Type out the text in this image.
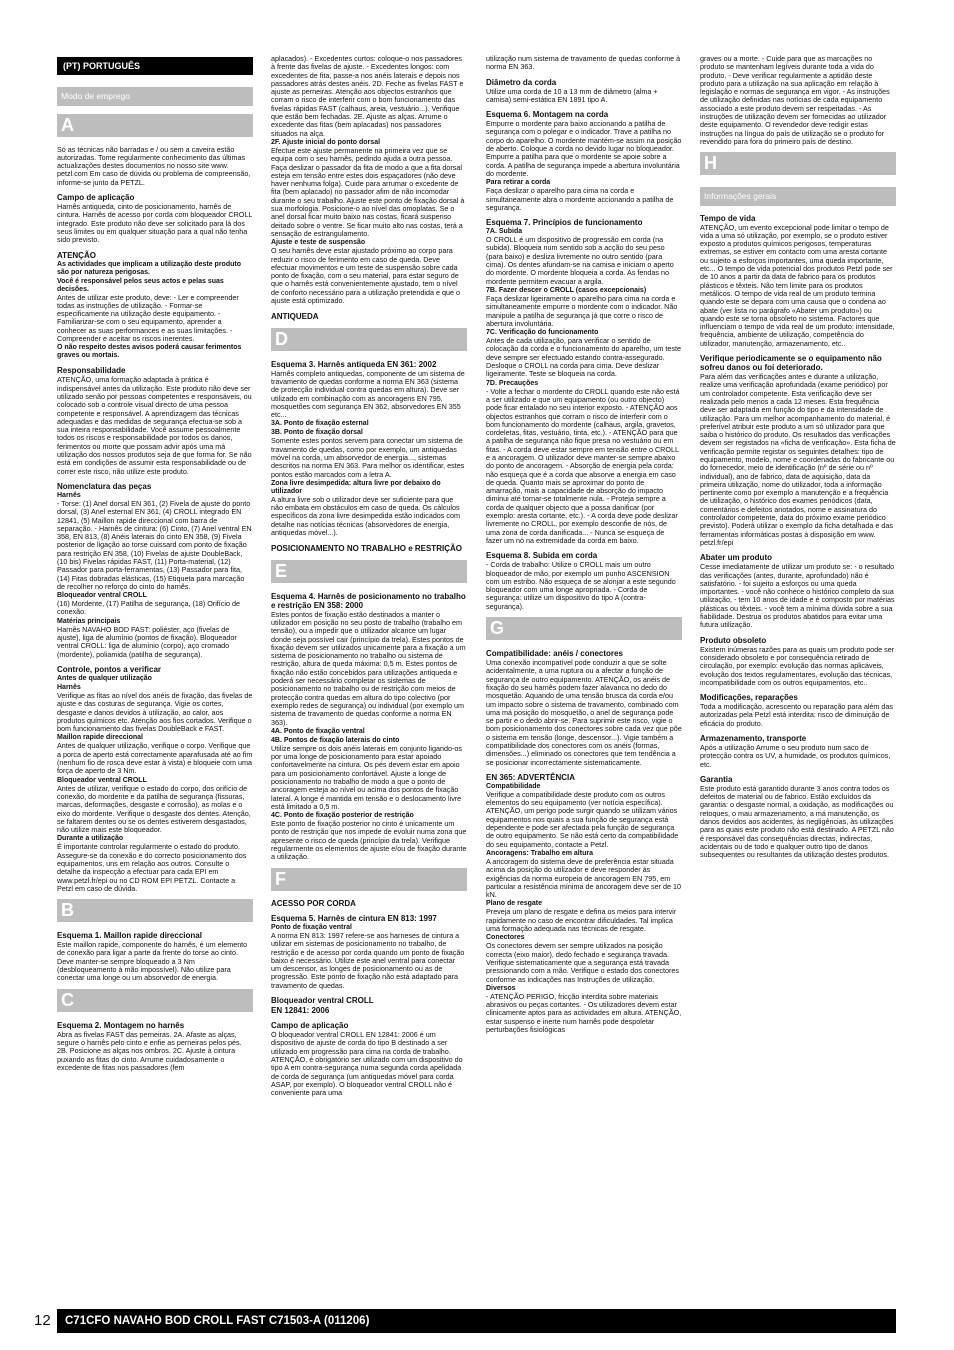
(PT) PORTUGUÊS
Modo de emprego
A

Só as técnicas não barradas e / ou sem a caveira estão autorizadas. Tome regularmente conhecimento das últimas actualizações destes documentos no nosso site www. petzl.com Em caso de dúvida ou problema de compreensão, informe-se junto da PETZL.

Campo de aplicação

Harnês antiqueda, cinto de posicionamento, harnês de cintura. Harnês de acesso por corda com bloqueador CROLL integrado. Este produto não deve ser solicitado para lá dos seus limites ou em qualquer situação para a qual não tenha sido previsto.

ATENÇÃO
As actividades que implicam a utilização deste produto são por natureza perigosas.
Você é responsável pelos seus actos e pelas suas decisões.

Antes de utilizar este produto, deve: - Ler e compreender todas as instruções de utilização. - Formar-se especificamente na utilização deste equipamento. - Familiarizar-se com o seu equipamento, aprender a conhecer as suas performances e as suas limitações. - Compreender e aceitar os riscos inerentes.

O não respeito destes avisos poderá causar ferimentos graves ou mortais.
Responsabilidade

ATENÇÃO, uma formação adaptada à prática é indispensável antes da utilização. Este produto não deve ser utilizado senão por pessoas competentes e responsáveis, ou colocado sob o controle visual directo de uma pessoa competente e responsável. A aprendizagem das técnicas adequadas e das medidas de segurança efectua-se sob a sua inteira responsabilidade. Você assume pessoalmente todos os riscos e responsabilidade por todos os danos, ferimentos ou morte que possam advir após uma má utilização dos nossos produtos seja de que forma for. Se não está em condições de assumir esta responsabilidade ou de correr este risco, não utilize este produto.

Nomenclatura das peças
Harnês

- Torse: (1) Anel dorsal EN 361, (2) Fivela de ajuste do ponto dorsal, (3) Anel esternal EN 361, (4) CROLL integrado EN 12841, (5) Maillon rapide direccional com barra de separação. - Harnês de cintura: (6) Cinto, (7) Anel ventral EN 358, EN 813, (8) Anéis laterais do cinto EN 358, (9) Fivela posterior de ligação ao torse cuissard com ponto de fixação para restrição EN 358, (10) Fivelas de ajuste DoubleBack, (10 bis) Fivelas rápidas FAST, (11) Porta-material, (12) Passador para porta-ferramentas, (13) Passador para fita, (14) Fitas dobradas elásticas, (15) Etiqueta para marcação de recolher no reforço do cinto do harnês.

Bloqueador ventral CROLL

(16) Mordente, (17) Patilha de segurança, (18) Orifício de conexão.

Matérias principais

Harnês NAVAHO BOD FAST: poliéster, aço (fivelas de ajuste), liga de alumínio (pontos de fixação). Bloqueador ventral CROLL: liga de alumínio (corpo), aço cromado (mordente), poliamida (patilha de segurança).

Controle, pontos a verificar
Antes de qualquer utilização
Harnês

Verifique as fitas ao nível dos anéis de fixação, das fivelas de ajuste e das costuras de segurança. Vigie os cortes, desgaste e danos devidos à utilização, ao calor, aos produtos químicos etc. Atenção aos fios cortados. Verifique o bom funcionamento das fivelas DoubleBack e FAST.

Maillon rapide direccional

Antes de qualquer utilização, verifique o corpo. Verifique que a porca de aperto está correctamente aparafusada até ao fim (nenhum fio de rosca deve estar à vista) e bloqueie com uma força de aperto de 3 Nm.

Bloqueador ventral CROLL

Antes de utilizar, verifique o estado do corpo, dos orifício de conexão, do mordente e da patilha de segurança (fissuras, marcas, deformações, desgaste e corrosão), as molas e o eixo do mordente. Verifique o desgaste dos dentes. Atenção, se faltarem dentes ou se os dentes estiverem desgastados, não utilize mais este bloqueador.

Durante a utilização

É importante controlar regularmente o estado do produto. Assegure-se da conexão e do correcto posicionamento dos equipamentos, uns em relação aos outros. Consulte o detalhe da inspecção a efectuar para cada EPI em www.petzl.fr/epi ou no CD ROM EPI PETZL. Contacte a Petzl em caso de dúvida.

B
Esquema 1. Maillon rapide direccional

Este maillon rapide, componente do harnês, é um elemento de conexão para ligar a parte da frente do torse ao cinto. Deve manter-se sempre bloqueado a 3 Nm (desbloqueamento à mão impossível). Não utilize para conectar uma longe ou um absorvedor de energia.

C
Esquema 2. Montagem no harnês

Abra as fivelas FAST das perneiras. 2A. Afaste as alças, segure o harnês pelo cinto e enfie as perneiras pelos pés. 2B. Posicione as alças nos ombros. 2C. Ajuste à cintura puxando as fitas do cinto. Arrume cuidadosamente o excedente de fitas nos passadores (fem

aplacados). - Excedentes curtos: coloque-o nos passadores à frente das fivelas de ajuste. - Excedentes longos: com excedentes de fita, passe-a nos anéis laterais e depois nos passadores atrás destes anéis. 2D. Feche as fivelas FAST e ajuste as perneiras. Atenção aos objectos estranhos que corram o risco de interferir com o bom funcionamento das fivelas rápidas FAST (calhaus, areia, vestuário...). Verifique que estão bem fechadas. 2E. Ajuste as alças. Arrume o excedente das fitas (bem aplacadas) nos passadores situados na alça.

2F. Ajuste inicial do ponto dorsal

Efectue este ajuste permanente na primeira vez que se equipa com o seu harnês, pedindo ajuda a outra pessoa. Faça deslizar o passador da fita de modo a que a fita dorsal esteja em tensão entre estes dois espaçadores (não deve haver nenhuma folga). Cuide para arrumar o excedente de fita (bem aplacado) no passador afim de não incomodar durante o seu trabalho. Ajuste este ponto de fixação dorsal à sua morfologia. Posicione-o ao nível das omoplatas. Se o anel dorsal ficar muito baixo nas costas, ficará suspenso deitado sobre o ventre. Se ficar muito alto nas costas, terá a sensação de estrangulamento.

Ajuste e teste de suspensão

O seu harnês deve estar ajustado próximo ao corpo para reduzir o risco de ferimento em caso de queda. Deve efectuar movimentos e um teste de suspensão sobre cada ponto de fixação, com o seu material, para estar seguro de que o harnês está convenientemente ajustado, tem o nível de conforto necessário para a utilização pretendida e que o ajuste está optimizado.

ANTIQUEDA
D
Esquema 3. Harnês antiqueda EN 361: 2002

Harnês completo antiquedas, componente de um sistema de travamento de quedas conforme a norma EN 363 (sistema de protecção individual contra quedas em altura). Deve ser utilizado em combinação com as ancoragens EN 795, mosquetões com segurança EN 362, absorvedores EN 355 etc...

3A. Ponto de fixação esternal
3B. Ponto de fixação dorsal

Somente estes pontos servem para conectar um sistema de travamento de quedas, como por exemplo, um antiquedas móvel na corda, um absorvedor de energia..., sistemas descritos na norma EN 363. Para melhor os identificar, estes pontos estão marcados com a letra A.

Zona livre desimpedida: altura livre por debaixo do utilizador

A altura livre sob o utilizador deve ser suficiente para que não embata em obstáculos em caso de queda. Os cálculos específicos da zona livre desimpedida estão indicados com detalhe nas notícias técnicas (absorvedores de energia, antiquedas móvel...).

POSICIONAMENTO NO TRABALHO e RESTRIÇÃO
E
Esquema 4. Harnês de posicionamento no trabalho e restrição EN 358: 2000

Estes pontos de fixação estão destinados a manter o utilizador em posição no seu posto de trabalho (trabalho em tensão), ou a impedir que o utilizador alcance um lugar donde seja possível cair (princípio da trela). Estes pontos de fixação devem ser utilizados unicamente para a fixação a um sistema de posicionamento no trabalho ou sistema de restrição, altura de queda máxima: 0,5 m. Estes pontos de fixação não estão concebidos para utilizações antiqueda e poderá ser necessário completar os sistemas de posicionamento no trabalho ou de restrição com meios de protecção contra quedas em altura do tipo colectivo (por exemplo redes de segurança) ou individual (por exemplo um sistema de travamento de quedas conforme a norma EN 363).

4A. Ponto de fixação ventral
4B. Pontos de fixação laterais do cinto

Utilize sempre os dois anéis laterais em conjunto ligando-os por uma longe de posicionamento para estar apoiado confortavelmente na cintura. Os pés devem estar em apoio para um posicionamento confortável. Ajuste a longe de posicionamento no trabalho de modo a que o ponto de ancoragem esteja ao nível ou acima dos pontos de fixação lateral. A longe é mantida em tensão e o deslocamento livre está limitado a 0,5 m.

4C. Ponto de fixação posterior de restrição

Este ponto de fixação posterior no cinto é unicamente um ponto de restrição que nos impede de evoluir numa zona que apresente o risco de queda (princípio da trela). Verifique regularmente os elementos de ajuste e/ou de fixação durante a utilização.

F
ACESSO POR CORDA
Esquema 5. Harnês de cintura EN 813: 1997
Ponto de fixação ventral

A norma EN 813: 1997 refere-se aos harneses de cintura a utilizar em sistemas de posicionamento no trabalho, de restrição e de acesso por corda quando um ponto de fixação baixo é necessário. Utilize este anel ventral para conectar um descensor, as longes de posicionamento ou as de progressão. Este ponto de fixação não está adaptado para travamento de quedas.

Bloqueador ventral CROLL
EN 12841: 2006
Campo de aplicação

O bloqueador ventral CROLL EN 12841: 2006 é um dispositivo de ajuste de corda do tipo B destinado a ser utilizado em progressão para cima na corda de trabalho. ATENÇÃO, é obrigatório ser utilizado com um dispositivo do tipo A em contra-segurança numa segunda corda apelidada de corda de segurança (um antiquedas móvel para corda ASAP, por exemplo). O bloqueador ventral CROLL não é conveniente para uma

utilização num sistema de travamento de quedas conforme à norma EN 363.

Diâmetro da corda

Utilize uma corda de 10 a 13 mm de diâmetro (alma + camisa) semi-estática EN 1891 tipo A.

Esquema 6. Montagem na corda

Empurre o mordente para baixo accionando a patilha de segurança com o polegar e o indicador. Trave a patilha no corpo do aparelho. O mordente mantém-se assim na posição de aberto. Coloque a corda no devido lugar no bloqueador. Empurre a patilha para que o mordente se apoie sobre a corda. A patilha de segurança impede a abertura involuntária do mordente.

Para retirar a corda

Faça deslizar o aparelho para cima na corda e simultaneamente abra o mordente accionando a patilha de segurança.

Esquema 7. Princípios de funcionamento
7A. Subida

O CROLL é um dispositivo de progressão em corda (na subida). Bloqueia num sentido sob a acção do seu peso (para baixo) e desliza livremente no outro sentido (para cima). Os dentes afundam-se na camisa e iniciam o aperto do mordente. O mordente bloqueia a corda. As fendas no mordente permitem evacuar a argila.

7B. Fazer descer o CROLL (casos excepcionais)

Faça deslizar ligeiramente o aparelho para cima na corda e simultaneamente empurre o mordente com o indicador. Não manipule a patilha de segurança já que corre o risco de abertura involuntária.

7C. Verificação do funcionamento

Antes de cada utilização, para verificar o sentido de colocação da corda e o funcionamento do aparelho, um teste deve sempre ser efectuado estando contra-assegurado. Desloque o CROLL na corda para cima. Deve deslizar ligeiramente. Teste se bloqueia na corda.

7D. Precauções

- Volte a fechar o mordente do CROLL quando este não está a ser utilizado e que um equipamento (ou outro objecto) pode ficar entalado no seu interior exposto. - ATENÇÃO aos objectos estranhos que corram o risco de interferir com o bom funcionamento do mordente (calhaus, argila, gravetos, cordeletas, fitas, vestuário, tinta, etc.). - ATENÇÃO para que a patilha de segurança não fique presa no vestuário ou em fitas. - A corda deve estar sempre em tensão entre o CROLL e a ancoragem. O utilizador deve manter-se sempre abaixo do ponto de ancoragem. - Absorção de energia pela corda: não esqueça que é a corda que absorve a energia em caso de queda. Quanto mais se aproximar do ponto de amarração, mais a capacidade de absorção do impacto diminui até tornar-se totalmente nula. - Proteja sempre a corda de qualquer objecto que a possa danificar (por exemplo: aresta cortante, etc.). - A corda deve pode deslizar livremente no CROLL, por exemplo desconfie de nós, de uma zona de corda danificada... - Nunca se esqueça de fazer um nó na extremidade da corda em baixo.

Esquema 8. Subida em corda

- Corda de trabalho: Utilize o CROLL mais um outro bloqueador de mão, por exemplo um punho ASCENSION com um estribo. Não esqueça de se alonjar a este segundo bloqueador com uma longe apropriada. - Corda de segurança: utilize um dispositivo do tipo A (contra-segurança).

G
Compatibilidade: anéis / conectores

Uma conexão incompatível pode conduzir a que se solte acidentalmente, a uma ruptura ou a afectar a função de segurança de outro equipamento. ATENÇÃO, os anéis de fixação do seu harnês podem fazer alavanca no dedo do mosquetão. Aquando de uma tensão brusca da corda e/ou um impacto sobre o sistema de travamento, combinado com uma má posição do mosquetão, o anel de segurança pode se partir e o dedo abrir-se. Para suprimir este risco, vigie o bom posicionamento dos conectores sobre cada vez que põe o sistema em tensão (longe, descensor...). Vigie também a compatibilidade dos conectores com os anéis (formas, dimensões...) eliminado os conectores que tem tendência a se posicionar incorrectamente sistematicamente.

EN 365: ADVERTÊNCIA
Compatibilidade

Verifique a compatibilidade deste produto com os outros elementos do seu equipamento (ver notícia específica). ATENÇÃO, um perigo pode surgir quando se utilizam vários equipamentos nos quais a sua função de segurança está dependente e pode ser afectada pela função de segurança de outro equipamento. Se não está certo da compatibilidade do seu equipamento, contacte a Petzl.

Ancoragens: Trabalho em altura

A ancoragem do sistema deve de preferência estar situada acima da posição do utilizador e deve responder às exigências da norma europeia de ancoragem EN 795, em particular a resistência mínima de ancoragem deve ser de 10 kN.

Plano de resgate

Preveja um plano de resgate e defina os meios para intervir rapidamente no caso de encontrar dificuldades. Tal implica uma formação adequada nas técnicas de resgate.

Conectores

Os conectores devem ser sempre utilizados na posição correcta (eixo maior), dedo fechado e segurança travada. Verifique sistematicamente que a segurança está travada pressionando com a mão. Verifique o estado dos conectores conforme as indicações nas Instruções de utilização.

Diversos

- ATENÇÃO PERIGO, fricção interdita sobre materiais abrasivos ou peças cortantes. - Os utilizadores devem estar clinicamente aptos para as actividades em altura. ATENÇÃO, estar suspenso e inerte num harnês pode despoletar perturbações fisiológicas

graves ou a morte. - Cuide para que as marcações no produto se mantenham legíveis durante toda a vida do produto. - Deve verificar regularmente a aptidão deste produto para a utilização na sua aplicação em relação à legislação e normas de segurança em vigor. - As instruções de utilização definidas nas notícias de cada equipamento associado a este produto devem ser respeitadas. - As instruções de utilização devem ser fornecidas ao utilizador deste equipamento. O revendedor deve redigir estas instruções na língua do país de utilização se o produto for revendido para fora do primeiro país de destino.

H
Informações gerais
Tempo de vida

ATENÇÃO, um evento excepcional pode limitar o tempo de vida a uma só utilização, por exemplo, se o produto estiver exposto a produtos químicos perigosos, temperaturas extremas, se estiver em contacto com uma aresta cortante ou sujeito a esforços importantes, uma queda importante, etc... O tempo de vida potencial dos produtos Petzl pode ser de 10 anos a partir da data de fabrico para os produtos plásticos e têxteis. Não tem limite para os produtos metálicos. O tempo de vida real de um produto termina quando este se depara com uma causa que o condena ao abate (ver lista no parágrafo «Abater um produto») ou quando este se torna obsoleto no sistema. Factores que influenciam o tempo de vida real de um produto: intensidade, frequência, ambiente de utilização, competência do utilizador, manutenção, armazenamento, etc..

Verifique periodicamente se o equipamento não sofreu danos ou foi deteriorado.

Para além das verificações antes e durante a utilização, realize uma verificação aprofundada (exame periódico) por um controlador competente. Esta verificação deve ser realizada pelo menos a cada 12 meses. Esta frequência deve ser adaptada em função do tipo e da intensidade de utilização. Para um melhor acompanhamento do material, é preferível atribuir este produto a um só utilizador para que saiba o histórico do produto. Os resultados das verificações devem ser registados na «ficha de verificação». Esta ficha de verificação permite registar os seguintes detalhes: tipo de equipamento, modelo, nome e coordenadas do fabricante ou do fornecedor, meio de identificação (nº de série ou nº individual), ano de fabrico, data de aquisição, data da primeira utilização, nome do utilizador, toda a informação pertinente como por exemplo a manutenção e a frequência de utilização, o histórico dos exames periódicos (data, comentários e defeitos anotados, nome e assinatura do controlador competente, data do próximo exame periódico previsto). Poderá utilizar o exemplo da ficha detalhada e das ferramentas informáticas postas à disposição em www. petzl.fr/epi

Abater um produto

Cesse imediatamente de utilizar um produto se: - o resultado das verificações (antes, durante, aprofundado) não é satisfatório. - foi sujeito a esforços ou uma queda importantes. - você não conhece o histórico completo da sua utilização, - tem 10 anos de idade e é composto por matérias plásticas ou têxteis. - você tem a mínima dúvida sobre a sua fiabilidade. Destrua os produtos abatidos para evitar uma futura utilização.

Produto obsoleto

Existem inúmeras razões para as quais um produto pode ser considerado obsoleto e por consequência retirado de circulação, por exemplo: evolução das normas aplicáveis, evolução dos textos regulamentares, evolução das técnicas, incompatibilidade com os outros equipamentos, etc..

Modificações, reparações

Toda a modificação, acrescento ou reparação para além das autorizadas pela Petzl está interdita: risco de diminuição de eficácia do produto.

Armazenamento, transporte

Após a utilização Arrume o seu produto num saco de protecção contra os UV, a humidade, os produtos químicos, etc.

Garantia

Este produto está garantido durante 3 anos contra todos os defeitos de material ou de fabrico. Estão excluídos da garantia: o desgaste normal, a oxidação, as modificações ou retoques, o mau armazenamento, a má manutenção, os danos devidos aos acidentes, às negligências, às utilizações para as quais este produto não está destinado. A PETZL não é responsável das consequências directas, indirectas, acidentais ou de todo e qualquer outro tipo de danos subsequentes ou resultantes da utilização destes produtos.

12	C71CFO NAVAHO BOD CROLL FAST C71503-A (011206)
